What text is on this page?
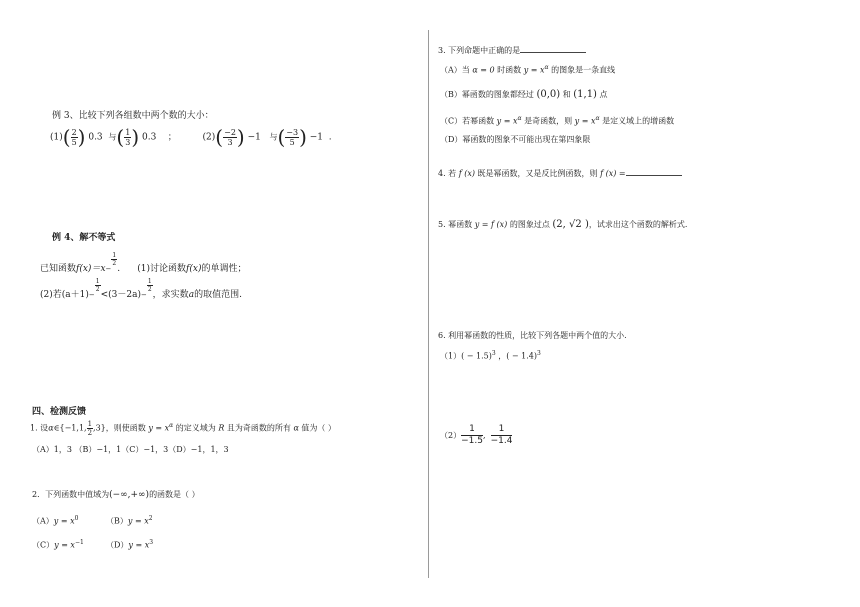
例 3、比较下列各组数中两个数的大小：
$(1)( \frac{2}{5}$ ) 0.3 与( $\frac{1}{3}$ ) 0.3 ；	$(2)( \frac{-2}{3}$ ) −1 与( $\frac{-3}{5}$ ) −1 .
例 4、解不等式
已知函数f(x)＝x−
$\frac{1}{2}$
. (1)讨论函数f(x)的单调性；
(2)若(a＋1)−
$\frac{1}{2}$
<(3－2a)−
$\frac{1}{2}$
，求实数a的取值范围.
四、检测反馈
1. 设α∈{−1,1, $\frac{1}{2} ,3$}，则使函数 $y = x^\alpha$ 的定义域为 R 且为奇函数的所有 α 值为（ ）
（A）1，3 （B）−1，1（C）−1，3（D）−1，1，3
2．下列函数中值域为(−∞,+∞)的函数是（ ）
$(A)y = x^0$	$(B)y = x^2$
$(C)y = x^{-1}$	$(D)y = x^3$
3. 下列命题中正确的是
（A）当 α = 0 时函数 $y = x^\alpha$ 的图象是一条直线
（B）幂函数的图象都经过 (0,0) 和 (1,1) 点
（C）若幂函数 $y = x^\alpha$ 是奇函数，则 $y = x^\alpha$ 是定义域上的增函数
（D）幂函数的图象不可能出现在第四象限
4. 若 f (x) 既是幂函数，又是反比例函数，则 f (x) =
5. 幂函数 y = f (x) 的图象过点 (2, √2 )，试求出这个函数的解析式.
6. 利用幂函数的性质，比较下列各题中两个值的大小.
$(1)( - 1.5)^3$ ，( − 1.4)$^3$
$(2) \frac{1}{-1.5}$, $\frac{1}{-1.4}$
